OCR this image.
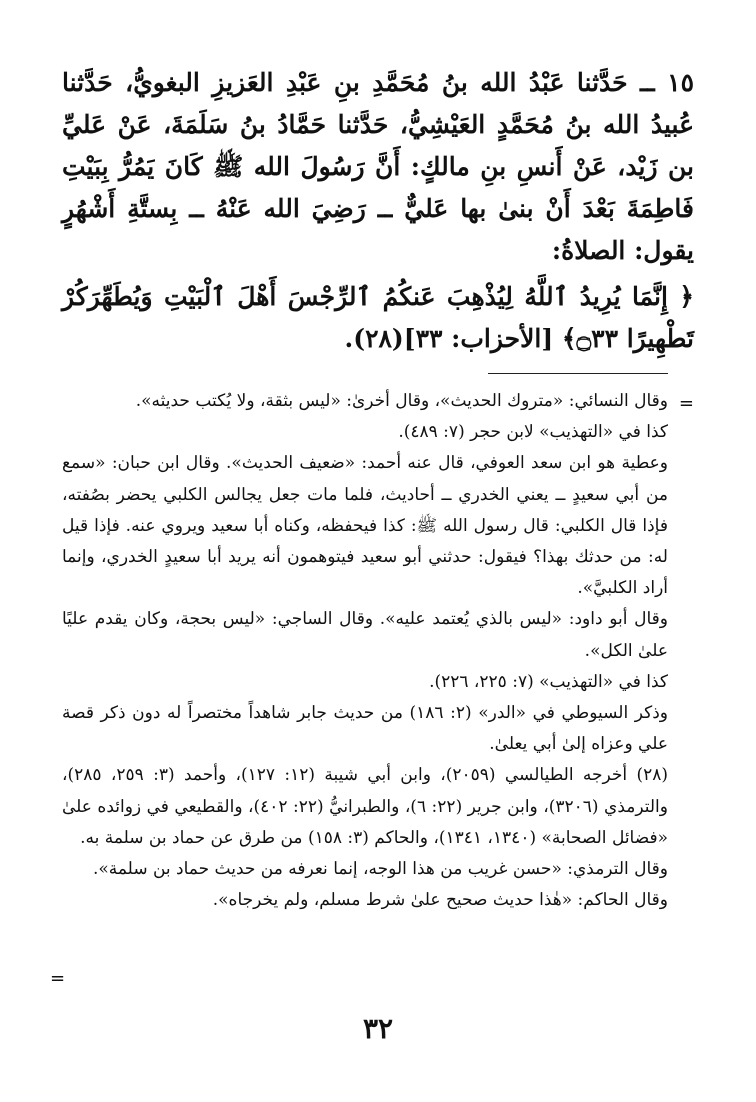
١٥ ــ حَدَّثنا عَبْدُ الله بنُ مُحَمَّدِ بنِ عَبْدِ العَزيزِ البغويُّ، حَدَّثنا عُبيدُ الله بنُ مُحَمَّدٍ العَيْشِيُّ، حَدَّثنا حَمَّادُ بنُ سَلَمَةَ، عَنْ عَليِّ بن زَيْد، عَنْ أَنسِ بنِ مالكٍ: أَنَّ رَسُولَ الله ﷺ كَانَ يَمُرُّ بِبَيْتِ فَاطِمَةَ بَعْدَ أَنْ بنىٰ بها عَليٌّ ــ رَضِيَ الله عَنْهُ ــ بِستَّةِ أَشْهُرٍ يقول: الصلاةُ:

﴿ إِنَّمَا يُرِيدُ ٱللَّهُ لِيُذْهِبَ عَنكُمُ ٱلرِّجْسَ أَهْلَ ٱلْبَيْتِ وَيُطَهِّرَكُرْ تَطْهِيرًا ۝٣٣﴾ [الأحزاب: ٣٣](٢٨).

=

وقال النسائي: «متروك الحديث»، وقال أخرىٰ: «ليس بثقة، ولا يُكتب حديثه».

كذا في «التهذيب» لابن حجر (٧: ٤٨٩).

وعطية هو ابن سعد العوفي، قال عنه أحمد: «ضعيف الحديث». وقال ابن حبان: «سمع من أبي سعيدٍ ــ يعني الخدري ــ أحاديث، فلما مات جعل يجالس الكلبي يحضر بصُفته، فإذا قال الكلبي: قال رسول الله ﷺ: كذا فيحفظه، وكناه أبا سعيد ويروي عنه. فإذا قيل له: من حدثك بهذا؟ فيقول: حدثني أبو سعيد فيتوهمون أنه يريد أبا سعيدٍ الخدري، وإنما أراد الكلبيَّ».

وقال أبو داود: «ليس بالذي يُعتمد عليه». وقال الساجي: «ليس بحجة، وكان يقدم عليًا علىٰ الكل».

كذا في «التهذيب» (٧: ٢٢٥، ٢٢٦).

وذكر السيوطي في «الدر» (٢: ١٨٦) من حديث جابر شاهداً مختصراً له دون ذكر قصة علي وعزاه إلىٰ أبي يعلىٰ.

(٢٨) أخرجه الطيالسي (٢٠٥٩)، وابن أبي شيبة (١٢: ١٢٧)، وأحمد (٣: ٢٥٩، ٢٨٥)، والترمذي (٣٢٠٦)، وابن جرير (٢٢: ٦)، والطبرانيُّ (٢٢: ٤٠٢)، والقطيعي في زوائده علىٰ «فضائل الصحابة» (١٣٤٠، ١٣٤١)، والحاكم (٣: ١٥٨) من طرق عن حماد بن سلمة به.

وقال الترمذي: «حسن غريب من هذا الوجه، إنما نعرفه من حديث حماد بن سلمة».

وقال الحاكم: «هٰذا حديث صحيح علىٰ شرط مسلم، ولم يخرجاه».

=
٣٢
